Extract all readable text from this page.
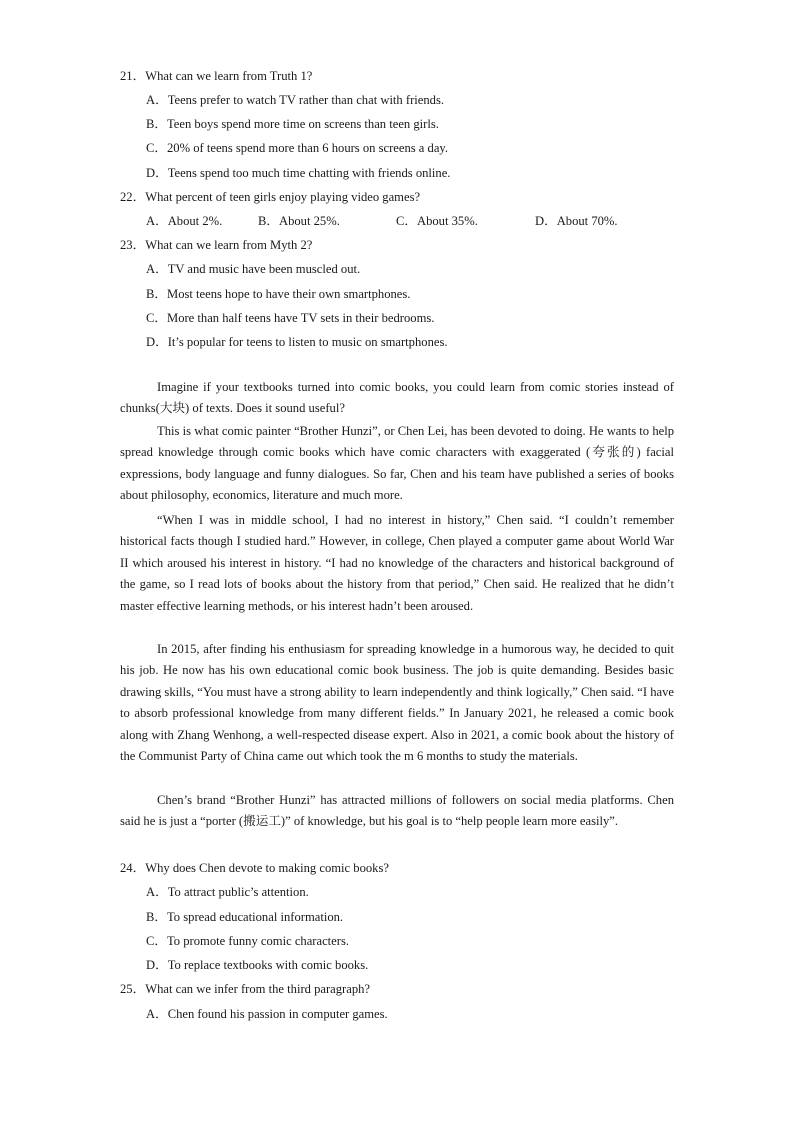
21．What can we learn from Truth 1?
A．Teens prefer to watch TV rather than chat with friends.
B．Teen boys spend more time on screens than teen girls.
C．20% of teens spend more than 6 hours on screens a day.
D．Teens spend too much time chatting with friends online.
22．What percent of teen girls enjoy playing video games?
A．About 2%.	B．About 25%.	C．About 35%.	D．About 70%.
23．What can we learn from Myth 2?
A．TV and music have been muscled out.
B．Most teens hope to have their own smartphones.
C．More than half teens have TV sets in their bedrooms.
D．It’s popular for teens to listen to music on smartphones.

Imagine if your textbooks turned into comic books, you could learn from comic stories instead of chunks(大块) of texts. Does it sound useful?

This is what comic painter “Brother Hunzi”, or Chen Lei, has been devoted to doing. He wants to help spread knowledge through comic books which have comic characters with exaggerated (夸张的) facial expressions, body language and funny dialogues. So far, Chen and his team have published a series of books about philosophy, economics, literature and much more.

“When I was in middle school, I had no interest in history,” Chen said. “I couldn’t remember historical facts though I studied hard.” However, in college, Chen played a computer game about World War II which aroused his interest in history. “I had no knowledge of the characters and historical background of the game, so I read lots of books about the history from that period,” Chen said. He realized that he didn’t master effective learning methods, or his interest hadn’t been aroused.

In 2015, after finding his enthusiasm for spreading knowledge in a humorous way, he decided to quit his job. He now has his own educational comic book business. The job is quite demanding. Besides basic drawing skills, “You must have a strong ability to learn independently and think logically,” Chen said. “I have to absorb professional knowledge from many different fields.” In January 2021, he released a comic book along with Zhang Wenhong, a well-respected disease expert. Also in 2021, a comic book about the history of the Communist Party of China came out which took the m 6 months to study the materials.

Chen’s brand “Brother Hunzi” has attracted millions of followers on social media platforms. Chen said he is just a “porter (搬运工)” of knowledge, but his goal is to “help people learn more easily”.

24．Why does Chen devote to making comic books?
A．To attract public’s attention.
B．To spread educational information.
C．To promote funny comic characters.
D．To replace textbooks with comic books.
25．What can we infer from the third paragraph?
A．Chen found his passion in computer games.
